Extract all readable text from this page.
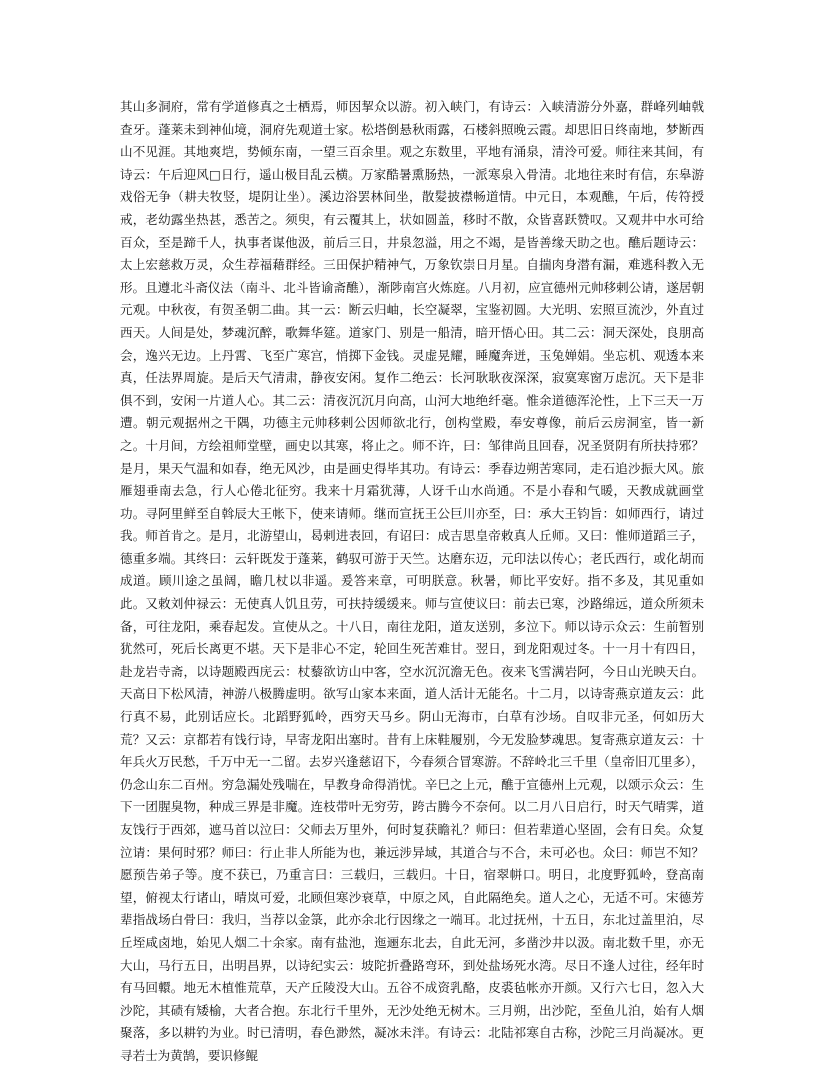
其山多洞府，常有学道修真之士栖焉，师因挈众以游。初入峡门，有诗云：入峡清游分外嘉，群峰列岫戟查牙。蓬莱未到神仙境，洞府先观道士家。松塔倒悬秋雨露，石楼斜照晚云霞。却思旧日终南地，梦断西山不见涯。其地爽垲，势倾东南，一望三百余里。观之东数里，平地有涌泉，清泠可爱。师往来其间，有诗云：午后迎风□日行，遥山极目乱云横。万家酷暑熏肠热，一派寒泉入骨清。北地往来时有信，东皋游戏俗无争（耕夫牧竖，堤阴让坐）。溪边浴罢林间坐，散髪披襟畅道情。中元日，本观醮，午后，传符授戒，老幼露坐热甚，悉苦之。须臾，有云覆其上，状如圆盖，移时不散，众皆喜跃赞叹。又观井中水可给百众，至是蹄千人，执事者谋他汲，前后三日，井泉忽溢，用之不竭，是皆善缘天助之也。醮后题诗云：太上宏慈救万灵，众生荐福藉群经。三田保护精神气，万象钦崇日月星。自揣肉身潜有漏，难逃科教入无形。且遵北斗斋仪法（南斗、北斗皆谕斋醮），渐陟南宫火炼庭。八月初，应宣德州元帅移剌公请，遂居朝元观。中秋夜，有贺圣朝二曲。其一云：断云归岫，长空凝翠，宝鉴初圆。大光明、宏照亘流沙，外直过西天。人间是处，梦魂沉醉，歌舞华筵。道家门、别是一船清，暗开悟心田。其二云：洞天深处，良朋高会，逸兴无边。上丹霄、飞至广寒宫，悄掷下金钱。灵虚晃耀，睡魔奔迸，玉兔婵娟。坐忘机、观透本来真，任法界周旋。是后天气清肃，静夜安闲。复作二绝云：长河耿耿夜深深，寂寞寒窗万虑沉。天下是非俱不到，安闲一片道人心。其二云：清夜沉沉月向高，山河大地绝纤毫。惟余道德浑沦性，上下三天一万遭。朝元观据州之干隅，功德主元帅移剌公因师欲北行，创构堂殿，奉安尊像，前后云房洞室，皆一新之。十月间，方绘祖师堂壁，画史以其寒，将止之。师不许，曰：邹律尚且回春，况圣贤阴有所扶持邪？是月，果天气温和如春，绝无风沙，由是画史得毕其功。有诗云：季春边朔苦寒同，走石追沙振大风。旅雁翅垂南去急，行人心倦北征穷。我来十月霜犹薄，人讶千山水尚通。不是小春和气暖，天教成就画堂功。寻阿里鲜至自斡辰大王帐下，使来请师。继而宣抚王公巨川亦至，曰：承大王钧旨：如师西行，请过我。师首肯之。是月，北游望山，曷剌进表回，有诏曰：成吉思皇帝敕真人丘师。又曰：惟师道蹈三子，德重多端。其终曰：云轩既发于蓬莱，鹤驭可游于天竺。达磨东迈，元印法以传心；老氏西行，或化胡而成道。顾川途之虽阔，瞻几杖以非遥。爰答来章，可明朕意。秋暑，师比平安好。指不多及，其见重如此。又敕刘仲禄云：无使真人饥且劳，可扶持缓缓来。师与宣使议曰：前去已寒，沙路绵远，道众所须未备，可往龙阳，乘春起发。宣使从之。十八日，南往龙阳，道友送别，多泣下。师以诗示众云：生前暂别犹然可，死后长离更不堪。天下是非心不定，轮回生死苦难甘。翌日，到龙阳观过冬。十一月十有四日，赴龙岩寺斋，以诗题殿西庑云：杖藜欲访山中客，空水沉沉澹无色。夜来飞雪满岩阿，今日山光映天白。天高日下松风清，神游八极腾虚明。欲写山家本来面，道人活计无能名。十二月，以诗寄燕京道友云：此行真不易，此别话应长。北蹈野狐岭，西穷天马乡。阴山无海市，白草有沙场。自叹非元圣，何如历大荒？又云：京都若有饯行诗，早寄龙阳出塞时。昔有上床鞋履别，今无发脸梦魂思。复寄燕京道友云：十年兵火万民愁，千万中无一二留。去岁兴逢慈诏下，今春须合冒寒游。不辞岭北三千里（皇帝旧兀里多），仍念山东二百州。穷急漏处残喘在，早教身命得消忧。辛巳之上元，醮于宣德州上元观，以颂示众云：生下一团腥臭物，种成三界是非魔。连枝带叶无穷劳，跨古腾今不奈何。以二月八日启行，时天气晴霁，道友饯行于西郊，遮马首以泣曰：父师去万里外，何时复获瞻礼？师曰：但若辈道心坚固，会有日矣。众复泣请：果何时邪？师曰：行止非人所能为也，兼远涉异域，其道合与不合，未可必也。众曰：师岂不知？愿预告弟子等。度不获已，乃重言曰：三载归，三载归。十日，宿翠帡口。明日，北度野狐岭，登高南望，俯视太行诸山，晴岚可爱，北顾但寒沙衰草，中原之风，自此隔绝矣。道人之心，无适不可。宋德芳辈指战场白骨曰：我归，当荐以金箓，此亦余北行因缘之一端耳。北过抚州，十五日，东北过盖里泊，尽丘垤咸卤地，始见人烟二十余家。南有盐池，迤逦东北去，自此无河，多凿沙井以汲。南北数千里，亦无大山，马行五日，出明昌界，以诗纪实云：坡陀折叠路弯环，到处盐场死水湾。尽日不逢人过往，经年时有马回轘。地无木植惟荒草，天产丘陵没大山。五谷不成资乳酪，皮裘毡帐亦开颜。又行六七日，忽入大沙陀，其碛有矮榆，大者合抱。东北行千里外，无沙处绝无树木。三月朔，出沙陀，至鱼儿泊，始有人烟聚落，多以耕钓为业。时已清明，春色渺然，凝冰未泮。有诗云：北陆祁寒自古称，沙陀三月尚凝冰。更寻若士为黄鹄，要识修鲲
